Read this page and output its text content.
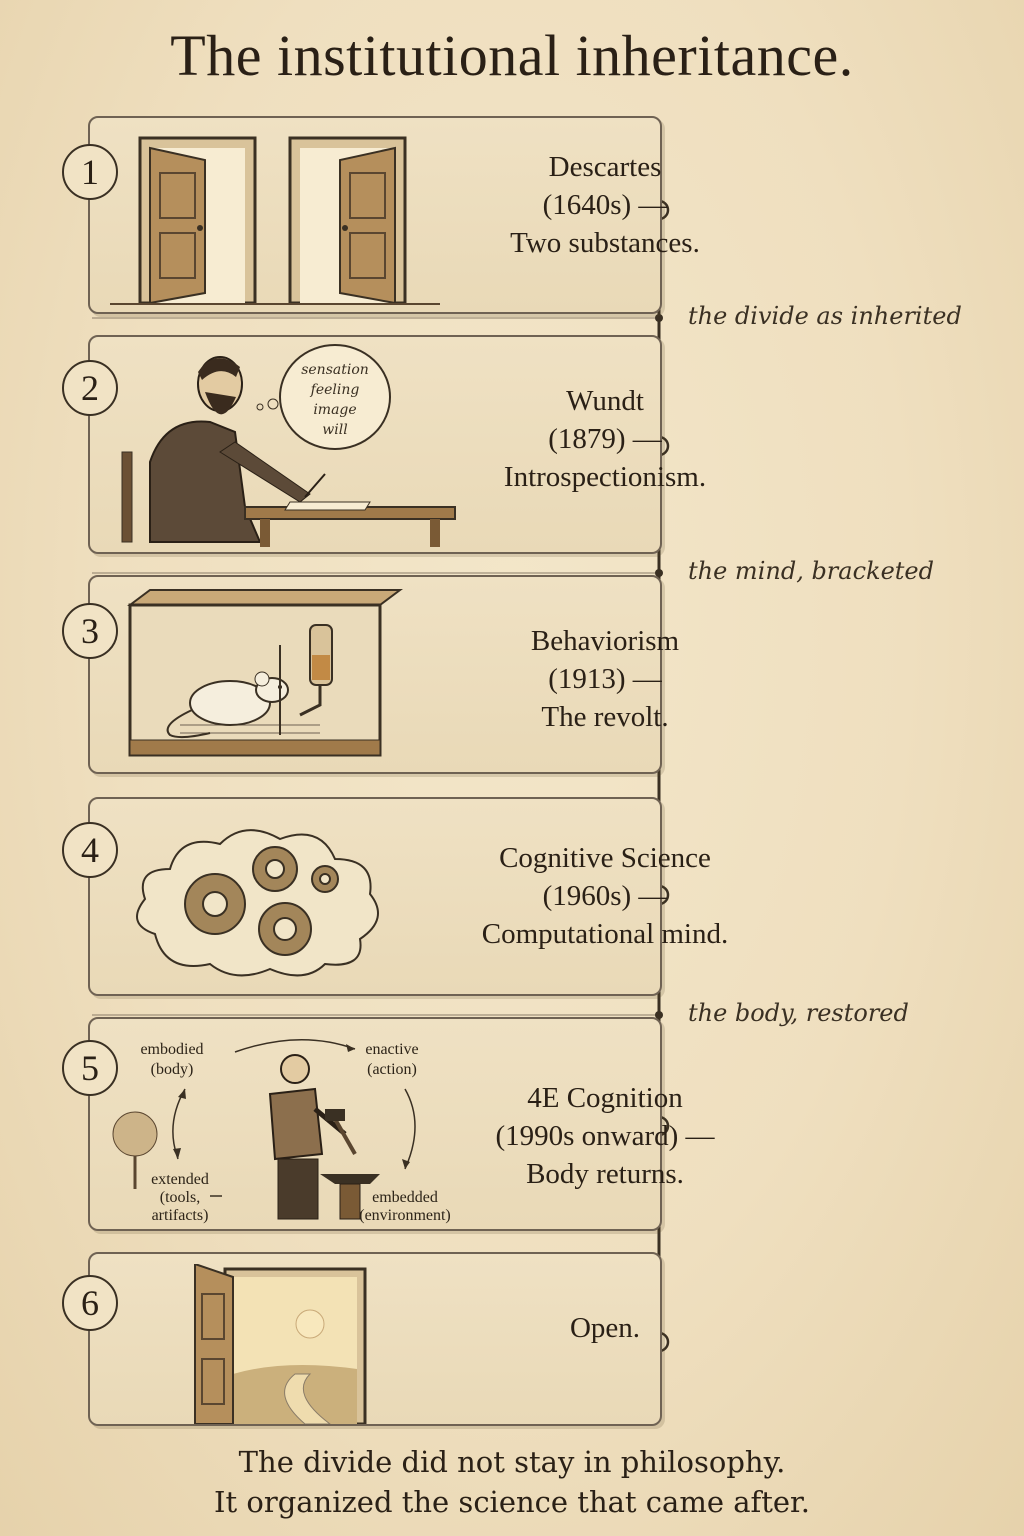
The institutional inheritance.
the divide as inherited
the mind, bracketed
the body, restored
Descartes
(1640s) —
Two substances.
1
sensation
feeling
image
will
Wundt
(1879) —
Introspectionism.
2
Behaviorism
(1913) —
The revolt.
3
Cognitive Science
(1960s) —
Computational mind.
4
embodied
(body)
enactive
(action)
extended
(tools,
artifacts)
embedded
(environment)
4E Cognition
(1990s onward) —
Body returns.
5
Open.
6
The divide did not stay in philosophy.
It organized the science that came after.
